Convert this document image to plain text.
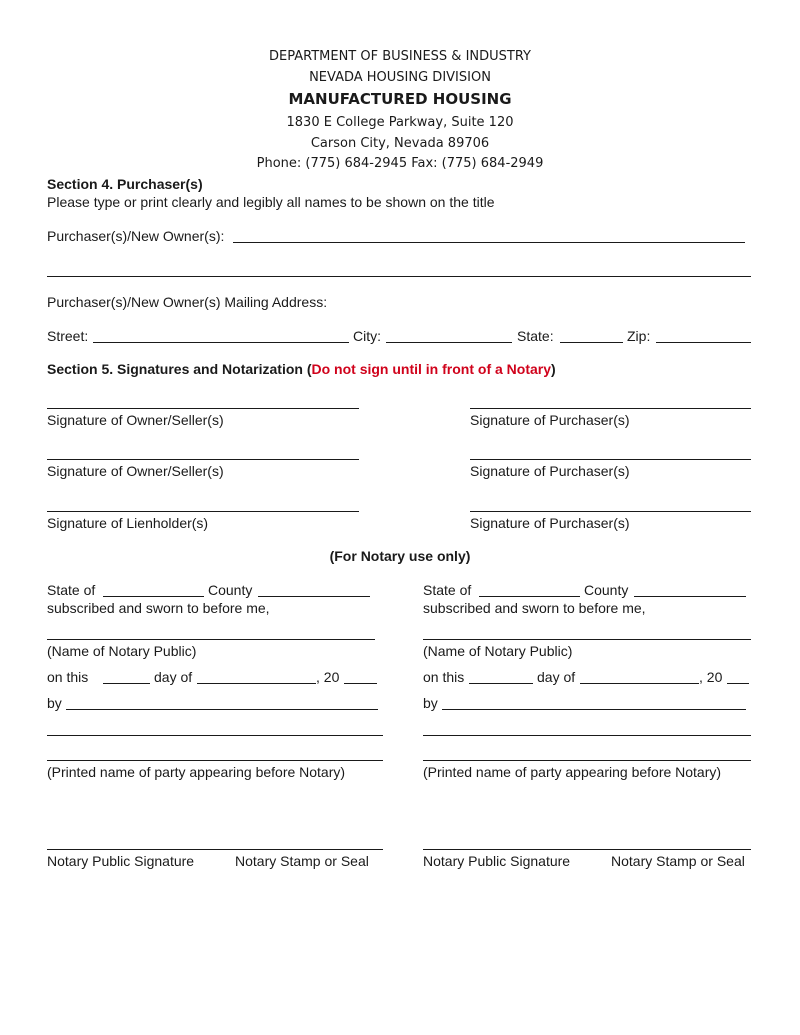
DEPARTMENT OF BUSINESS & INDUSTRY
NEVADA HOUSING DIVISION
MANUFACTURED HOUSING
1830 E College Parkway, Suite 120
Carson City, Nevada 89706
Phone: (775) 684-2945 Fax: (775) 684-2949
Section 4. Purchaser(s)
Please type or print clearly and legibly all names to be shown on the title
Purchaser(s)/New Owner(s):
Purchaser(s)/New Owner(s) Mailing Address:
Street:	City:	State:	Zip:
Section 5. Signatures and Notarization (Do not sign until in front of a Notary)
Signature of Owner/Seller(s)	Signature of Purchaser(s)
Signature of Owner/Seller(s)	Signature of Purchaser(s)
Signature of Lienholder(s)	Signature of Purchaser(s)
(For Notary use only)
State of	County
subscribed and sworn to before me,
(Name of Notary Public)
on this	day of	, 20
by
(Printed name of party appearing before Notary)
Notary Public Signature	Notary Stamp or Seal
State of	County
subscribed and sworn to before me,
(Name of Notary Public)
on this	day of	, 20
by
(Printed name of party appearing before Notary)
Notary Public Signature	Notary Stamp or Seal
